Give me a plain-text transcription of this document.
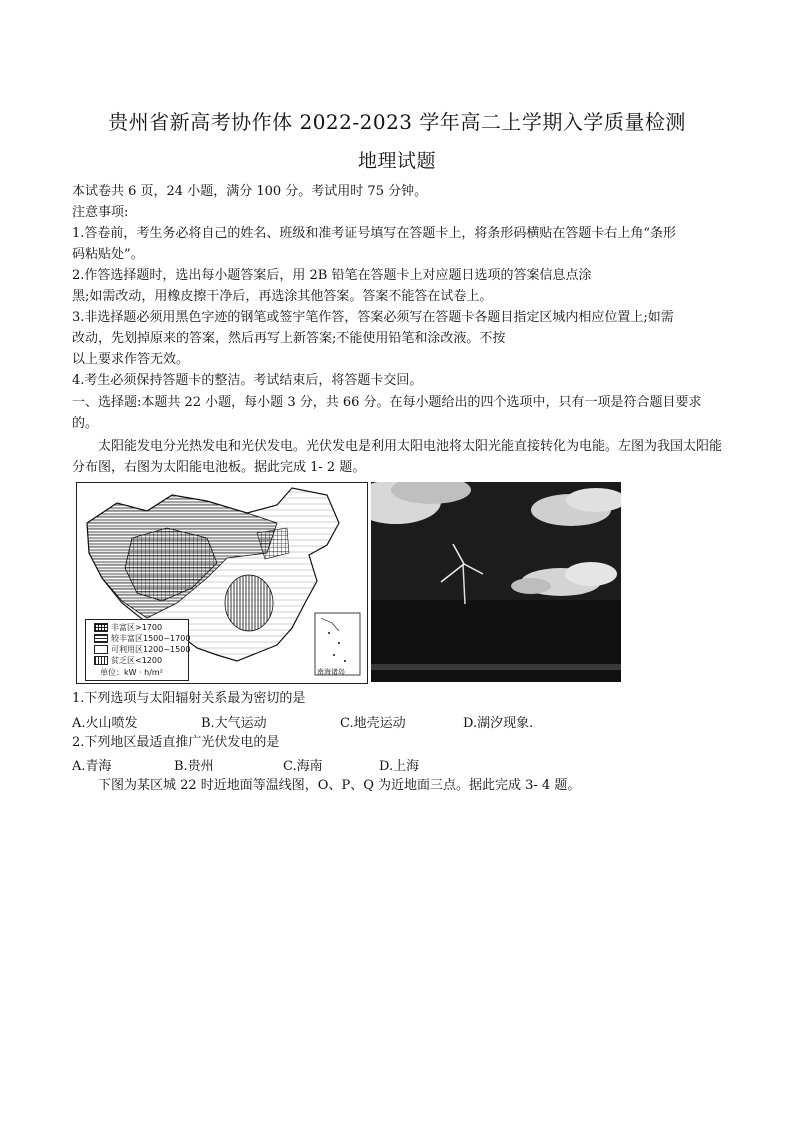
贵州省新高考协作体 2022-2023 学年高二上学期入学质量检测
地理试题
本试卷共 6 页，24 小题，满分 100 分。考试用时 75 分钟。
注意事项:
1.答卷前，考生务必将自己的姓名、班级和准考证号填写在答题卡上，将条形码横贴在答题卡右上角“条形
码粘贴处”。
2.作答选择题时，选出每小题答案后，用 2B 铅笔在答题卡上对应题日选项的答案信息点涂
黑;如需改动，用橡皮擦干净后，再选涂其他答案。答案不能答在试卷上。
3.非选择题必须用黑色字迹的钢笔或签宇笔作答，答案必须写在答题卡各题目指定区城内相应位置上;如需
改动，先划掉原来的答案，然后再写上新答案;不能使用铅笔和涂改液。不按
以上要求作答无效。
4.考生必须保持答题卡的整洁。考试结束后，将答题卡交回。
一、选择题:本题共 22 小题，每小题 3 分，共 66 分。在每小题给出的四个选项中，只有一项是符合题目要求的。
太阳能发电分光热发电和光伏发电。光伏发电是利用太阳电池将太阳光能直接转化为电能。左图为我国太阳能分布图，右图为太阳能电池板。据此完成 1- 2 题。
丰富区>1700
较丰富区1500~1700
可利用区1200~1500
贫乏区<1200
单位：kW · h/m²	南海诸岛
1.下列选项与太阳辐射关系最为密切的是
A.火山喷发	B.大气运动	C.地壳运动	D.湖汐现象.
2.下列地区最适直推广光伏发电的是
A.青海	B.贵州	C.海南	D.上海
下图为某区城 22 时近地面等温线图，O、P、Q 为近地面三点。据此完成 3- 4 题。
